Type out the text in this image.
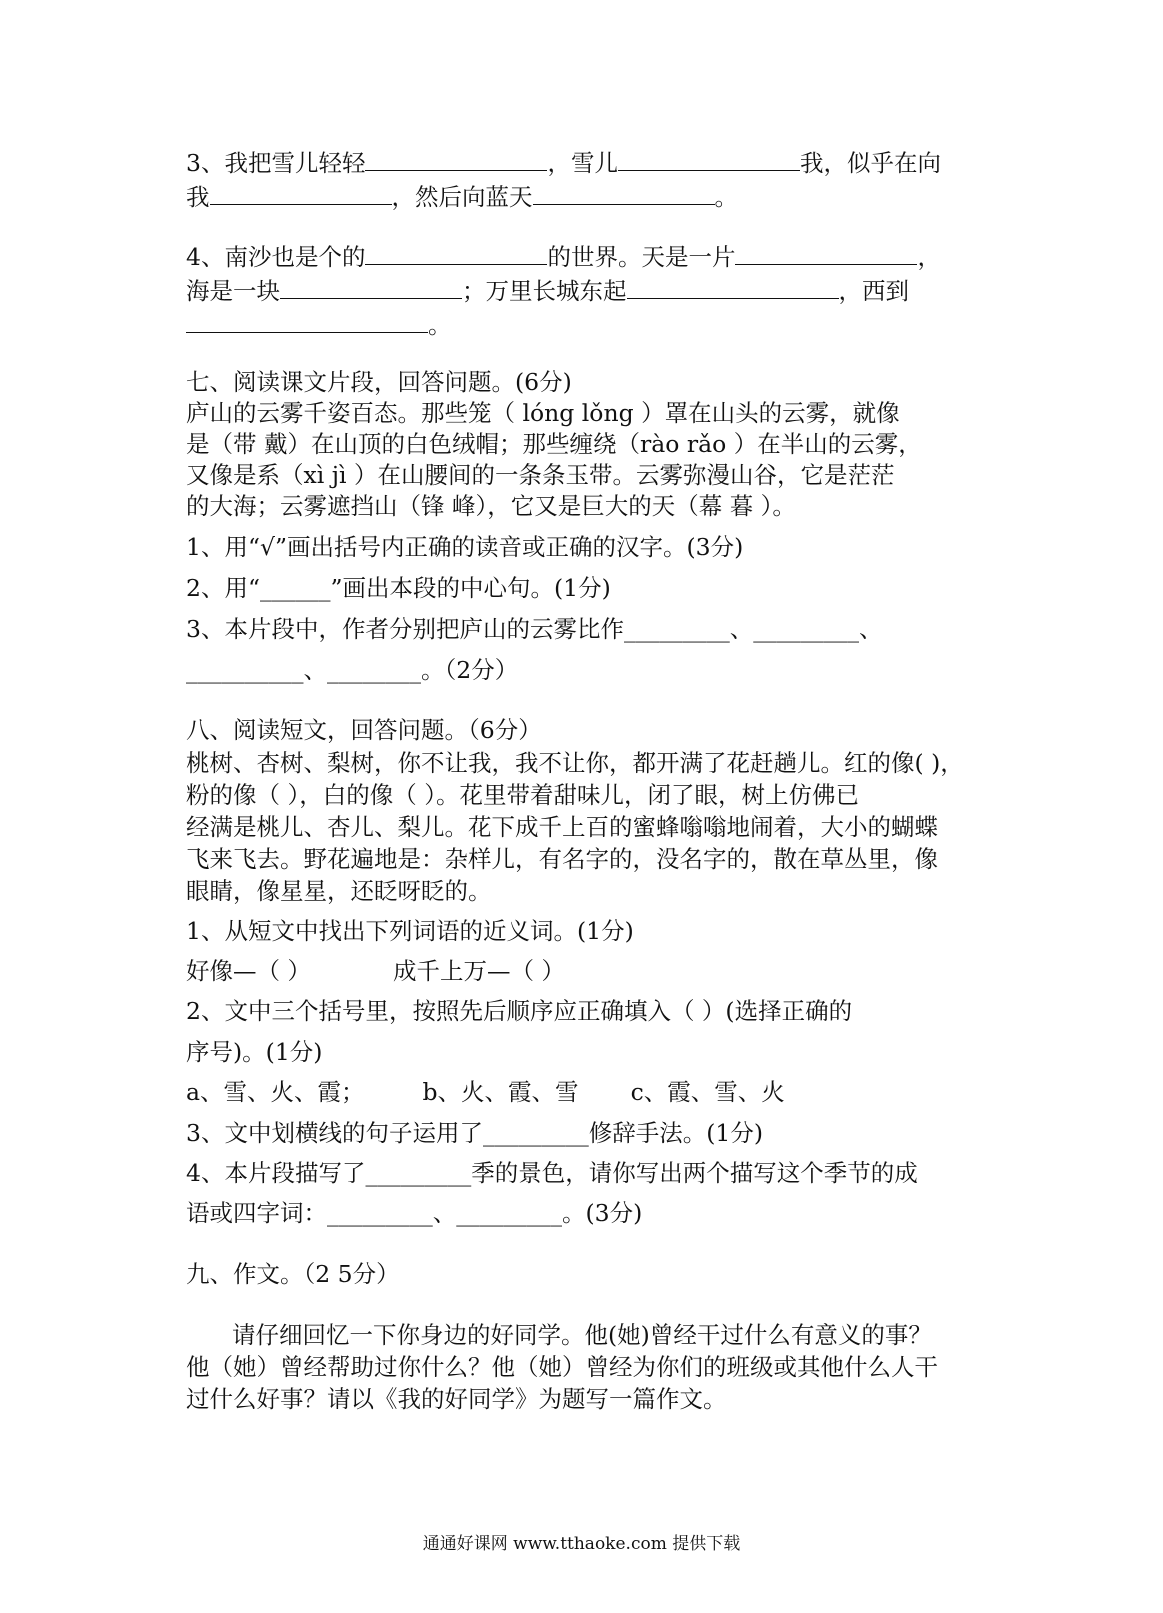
3、我把雪儿轻轻	，雪儿	我，似乎在向
我	，然后向蓝天	。
4、南沙也是个的	的世界。天是一片	，
海是一块	；万里长城东起	，西到
。
七、阅读课文片段，回答问题。(6分)
庐山的云雾千姿百态。那些笼（ lóng lǒng ）罩在山头的云雾，就像
是（带 戴）在山顶的白色绒帽；那些缠绕（rào rǎo ）在半山的云雾，
又像是系（xì jì ）在山腰间的一条条玉带。云雾弥漫山谷，它是茫茫
的大海；云雾遮挡山（锋 峰），它又是巨大的天（幕 暮 ）。
1、用“√”画出括号内正确的读音或正确的汉字。(3分)
2、用“______”画出本段的中心句。(1分)
3、本片段中，作者分别把庐山的云雾比作_________、_________、
__________、________。（2分）
八、阅读短文，回答问题。（6分）
桃树、杏树、梨树，你不让我，我不让你，都开满了花赶趟儿。红的像( )，
粉的像（ ），白的像（ ）。花里带着甜味儿，闭了眼，树上仿佛已
经满是桃儿、杏儿、梨儿。花下成千上百的蜜蜂嗡嗡地闹着，大小的蝴蝶
飞来飞去。野花遍地是：杂样儿，有名字的，没名字的，散在草丛里，像
眼睛，像星星，还眨呀眨的。
1、从短文中找出下列词语的近义词。(1分)
好像—（ ）	成千上万—（ ）
2、文中三个括号里，按照先后顺序应正确填入（ ）(选择正确的
序号)。(1分)
a、雪、火、霞； b、火、霞、雪 c、霞、雪、火
3、文中划横线的句子运用了_________修辞手法。(1分)
4、本片段描写了_________季的景色，请你写出两个描写这个季节的成
语或四字词：_________、_________。(3分)
九、作文。（2 5分）
请仔细回忆一下你身边的好同学。他(她)曾经干过什么有意义的事？
他（她）曾经帮助过你什么？他（她）曾经为你们的班级或其他什么人干
过什么好事？请以《我的好同学》为题写一篇作文。
通通好课网 www.tthaoke.com 提供下载
